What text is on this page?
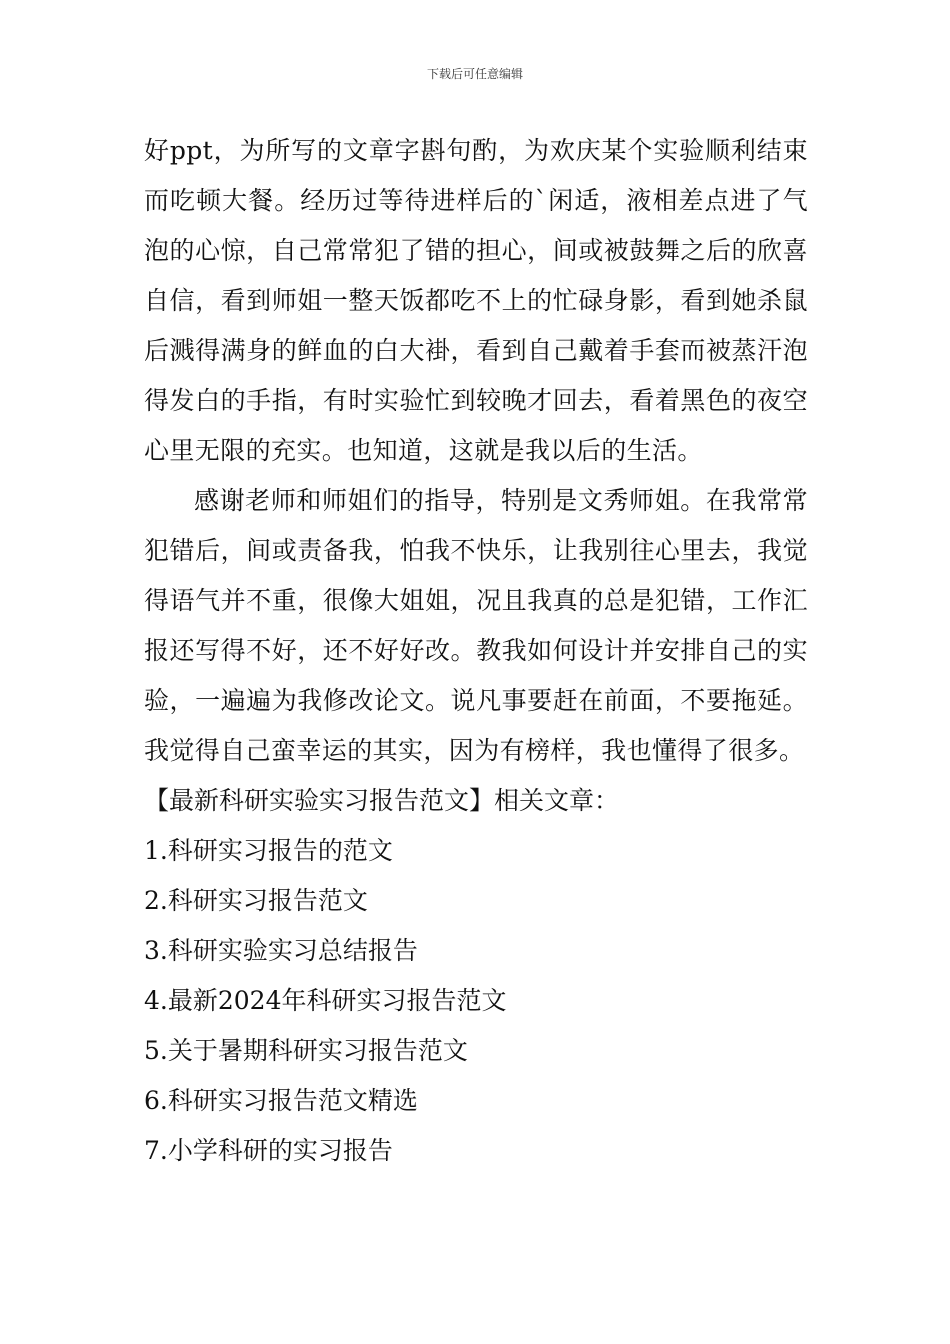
下载后可任意编辑

好ppt，为所写的文章字斟句酌，为欢庆某个实验顺利结束而吃顿大餐。经历过等待进样后的`闲适，液相差点进了气泡的心惊，自己常常犯了错的担心，间或被鼓舞之后的欣喜自信，看到师姐一整天饭都吃不上的忙碌身影，看到她杀鼠后溅得满身的鲜血的白大褂，看到自己戴着手套而被蒸汗泡得发白的手指，有时实验忙到较晚才回去，看着黑色的夜空心里无限的充实。也知道，这就是我以后的生活。

感谢老师和师姐们的指导，特别是文秀师姐。在我常常犯错后，间或责备我，怕我不快乐，让我别往心里去，我觉得语气并不重，很像大姐姐，况且我真的总是犯错，工作汇报还写得不好，还不好好改。教我如何设计并安排自己的实验，一遍遍为我修改论文。说凡事要赶在前面，不要拖延。我觉得自己蛮幸运的其实，因为有榜样，我也懂得了很多。

【最新科研实验实习报告范文】相关文章：

1.科研实习报告的范文
2.科研实习报告范文
3.科研实验实习总结报告
4.最新2024年科研实习报告范文
5.关于暑期科研实习报告范文
6.科研实习报告范文精选
7.小学科研的实习报告
